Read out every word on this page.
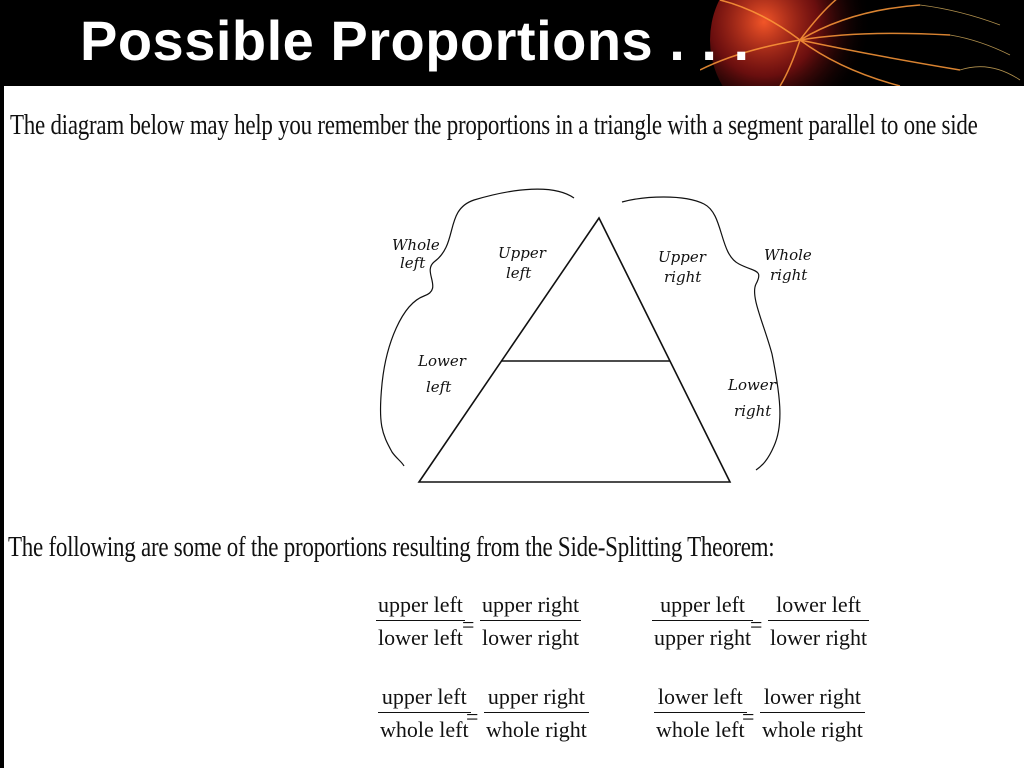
Possible Proportions . . .
The diagram below may help you remember the proportions in a triangle with a segment parallel to one side
Whole left
Upper left
Upper right
Whole right
Lower left	Lower right
The following are some of the proportions resulting from the Side-Splitting Theorem:
upper left
lower left
=
upper right
lower right
upper left
upper right
=
lower left
lower right
upper left
whole left
=
upper right
whole right
lower left
whole left
=
lower right
whole right
